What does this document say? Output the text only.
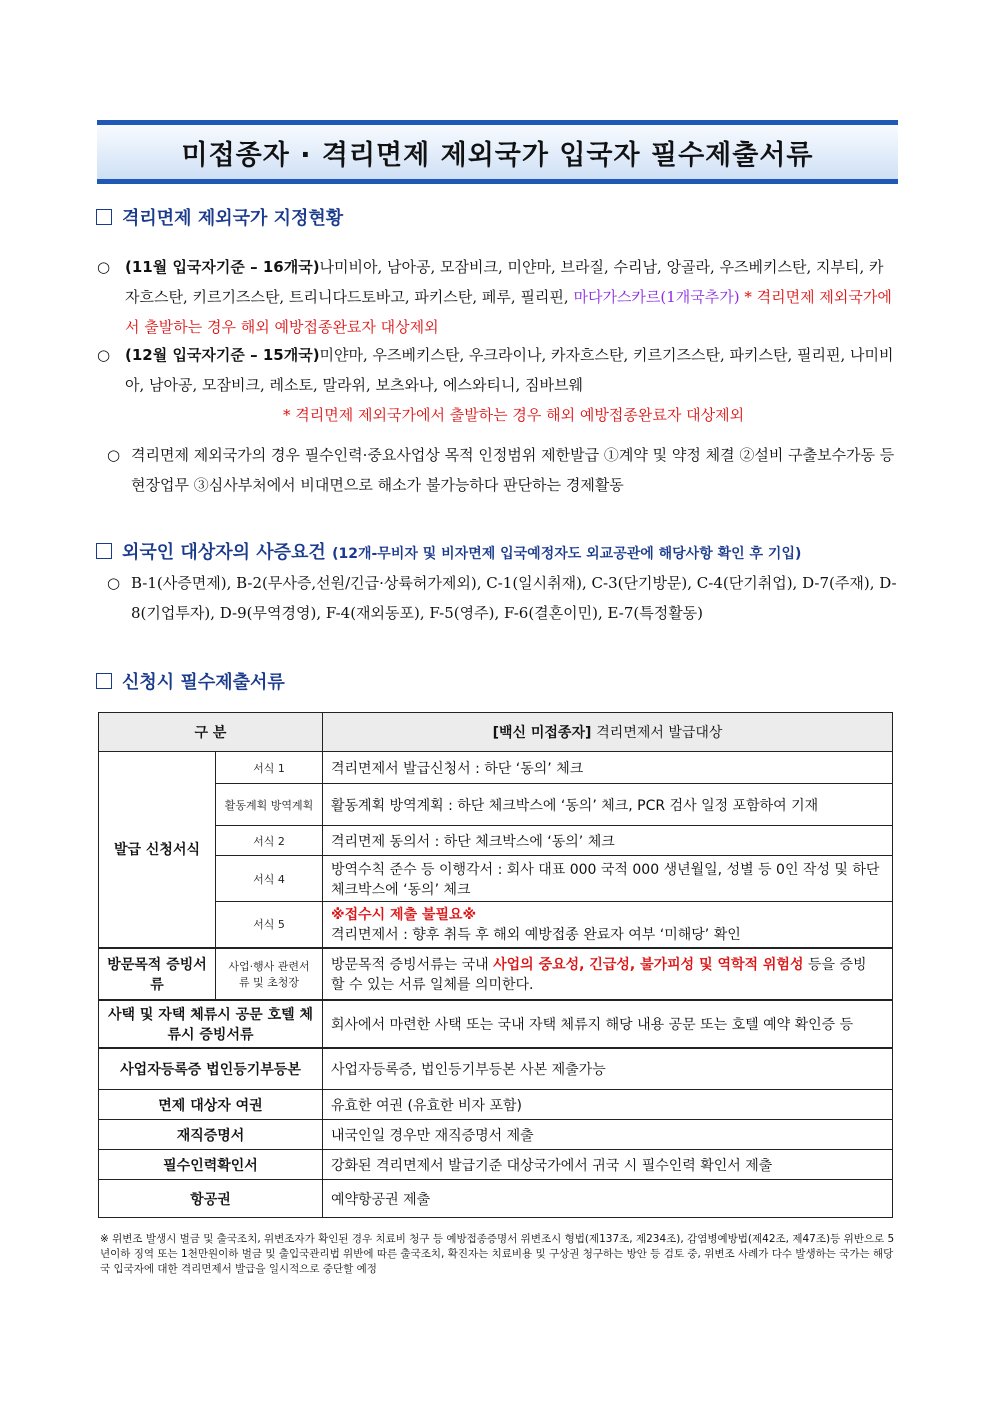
미접종자 · 격리면제 제외국가 입국자 필수제출서류
격리면제 제외국가 지정현황
○ (11월 입국자기준 – 16개국)나미비아, 남아공, 모잠비크, 미얀마, 브라질, 수리남, 앙골라, 우즈베키스탄, 지부티, 카자흐스탄, 키르기즈스탄, 트리니다드토바고, 파키스탄, 페루, 필리핀, 마다가스카르(1개국추가) * 격리면제 제외국가에서 출발하는 경우 해외 예방접종완료자 대상제외
○ (12월 입국자기준 – 15개국)미얀마, 우즈베키스탄, 우크라이나, 카자흐스탄, 키르기즈스탄, 파키스탄, 필리핀, 나미비아, 남아공, 모잠비크, 레소토, 말라위, 보츠와나, 에스와티니, 짐바브웨
* 격리면제 제외국가에서 출발하는 경우 해외 예방접종완료자 대상제외
○ 격리면제 제외국가의 경우 필수인력·중요사업상 목적 인정범위 제한발급 ①계약 및 약정 체결 ②설비 구출보수가동 등 현장업무 ③심사부처에서 비대면으로 해소가 불가능하다 판단하는 경제활동
외국인 대상자의 사증요건 (12개-무비자 및 비자면제 입국예정자도 외교공관에 해당사항 확인 후 기입)
○ B-1(사증면제), B-2(무사증,선원/긴급·상륙허가제외), C-1(일시취재), C-3(단기방문), C-4(단기취업), D-7(주재), D-8(기업투자), D-9(무역경영), F-4(재외동포), F-5(영주), F-6(결혼이민), E-7(특정활동)
신청시 필수제출서류
구 분		[백신 미접종자] 격리면제서 발급대상
발급 신청서식	서식 1	격리면제서 발급신청서 : 하단 ‘동의’ 체크
	활동계획 방역계획	활동계획 방역계획 : 하단 체크박스에 ‘동의’ 체크, PCR 검사 일정 포함하여 기재
	서식 2	격리면제 동의서 : 하단 체크박스에 ‘동의’ 체크
	서식 4	방역수칙 준수 등 이행각서 : 회사 대표 000 국적 000 생년월일, 성별 등 0인 작성 및 하단 체크박스에 ‘동의’ 체크
	서식 5	※접수시 제출 불필요※
격리면제서 : 향후 취득 후 해외 예방접종 완료자 여부 ‘미해당’ 확인

방문목적 증빙서류	사업·행사 관련서류 및 초청장	방문목적 증빙서류는 국내 사업의 중요성, 긴급성, 불가피성 및 역학적 위험성 등을 증빙 할 수 있는 서류 일체를 의미한다.
사택 및 자택 체류시 공문 호텔 체류시 증빙서류		회사에서 마련한 사택 또는 국내 자택 체류지 해당 내용 공문 또는 호텔 예약 확인증 등
사업자등록증 법인등기부등본		사업자등록증, 법인등기부등본 사본 제출가능
면제 대상자 여권		유효한 여권 (유효한 비자 포함)
재직증명서		내국인일 경우만 재직증명서 제출
필수인력확인서		강화된 격리면제서 발급기준 대상국가에서 귀국 시 필수인력 확인서 제출
항공권		예약항공권 제출
※ 위변조 발생시 벌금 및 출국조치, 위변조자가 확인된 경우 치료비 청구 등 예방접종증명서 위변조시 형법(제137조, 제234조), 감염병예방법(제42조, 제47조)등 위반으로 5년이하 징역 또는 1천만원이하 벌금 및 출입국관리법 위반에 따른 출국조치, 확진자는 치료비용 및 구상권 청구하는 방안 등 검토 중, 위변조 사례가 다수 발생하는 국가는 해당국 입국자에 대한 격리면제서 발급을 일시적으로 중단할 예정
